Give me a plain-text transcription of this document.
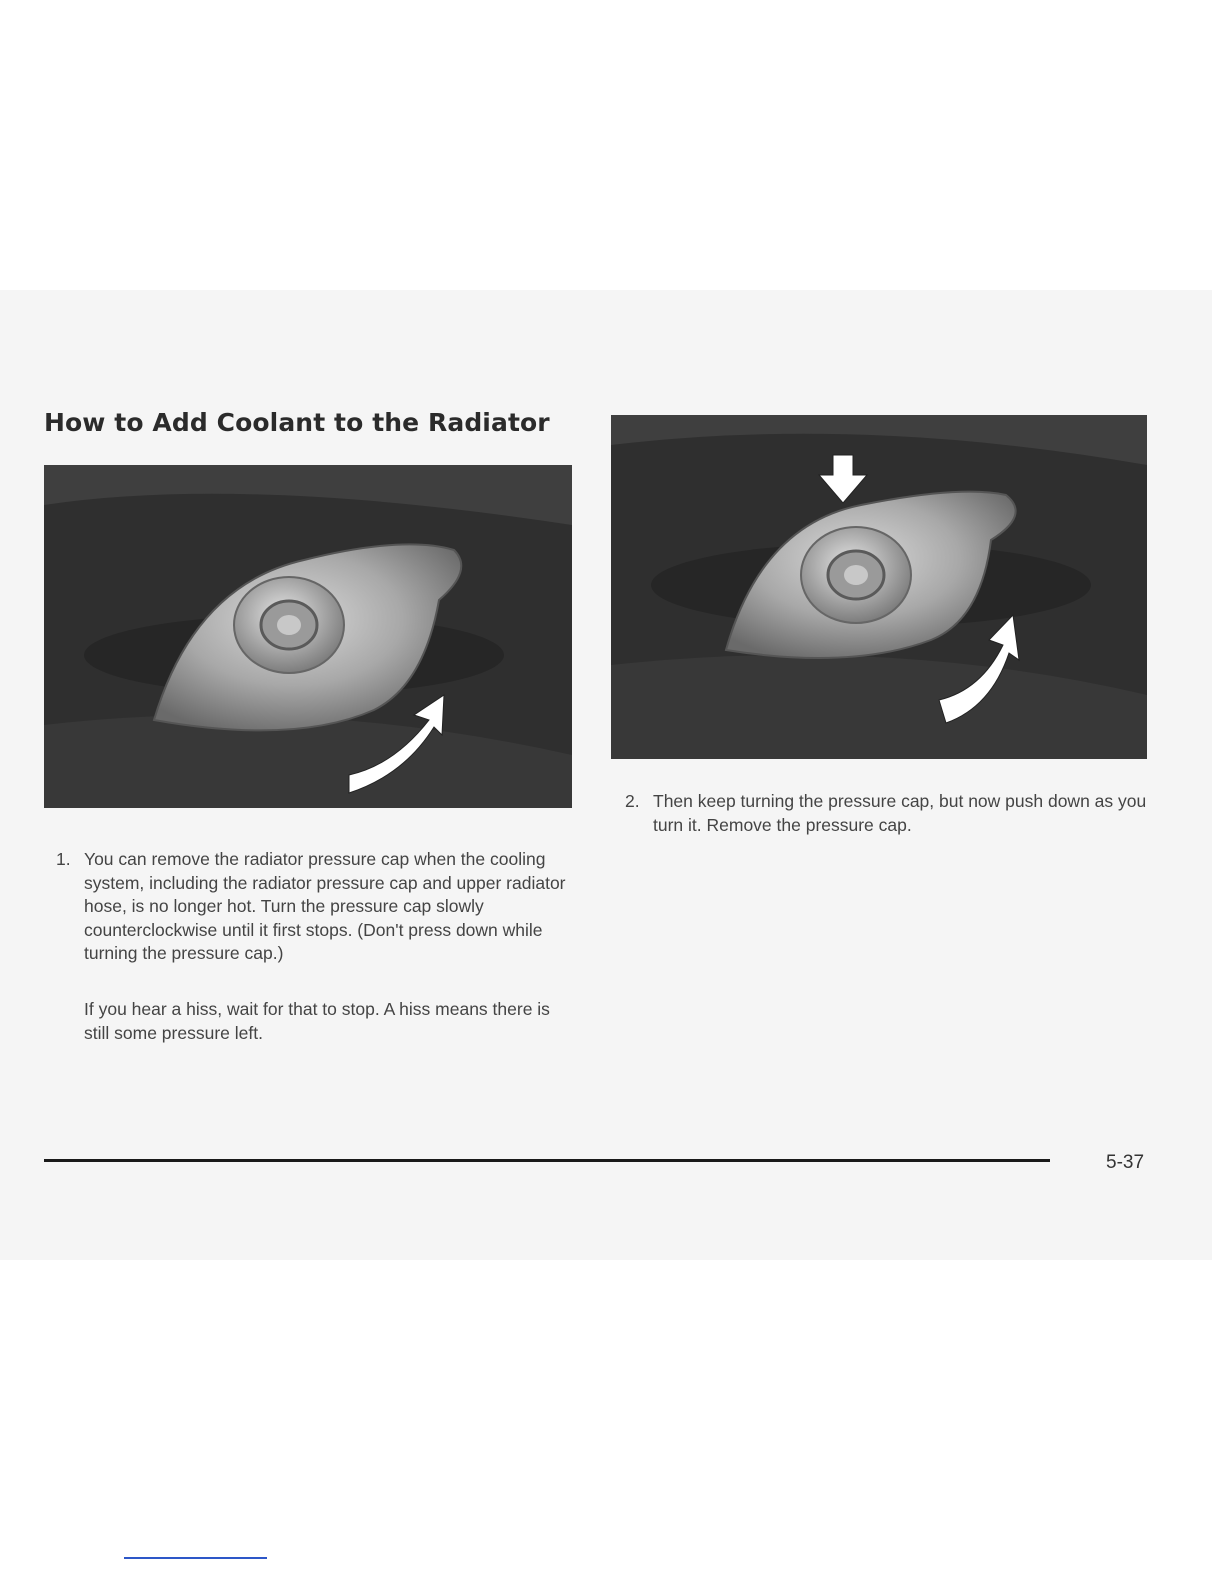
How to Add Coolant to the Radiator

1. You can remove the radiator pressure cap when the cooling system, including the radiator pressure cap and upper radiator hose, is no longer hot. Turn the pressure cap slowly counterclockwise until it first stops. (Don't press down while turning the pressure cap.)

If you hear a hiss, wait for that to stop. A hiss means there is still some pressure left.

2. Then keep turning the pressure cap, but now push down as you turn it. Remove the pressure cap.

5-37
